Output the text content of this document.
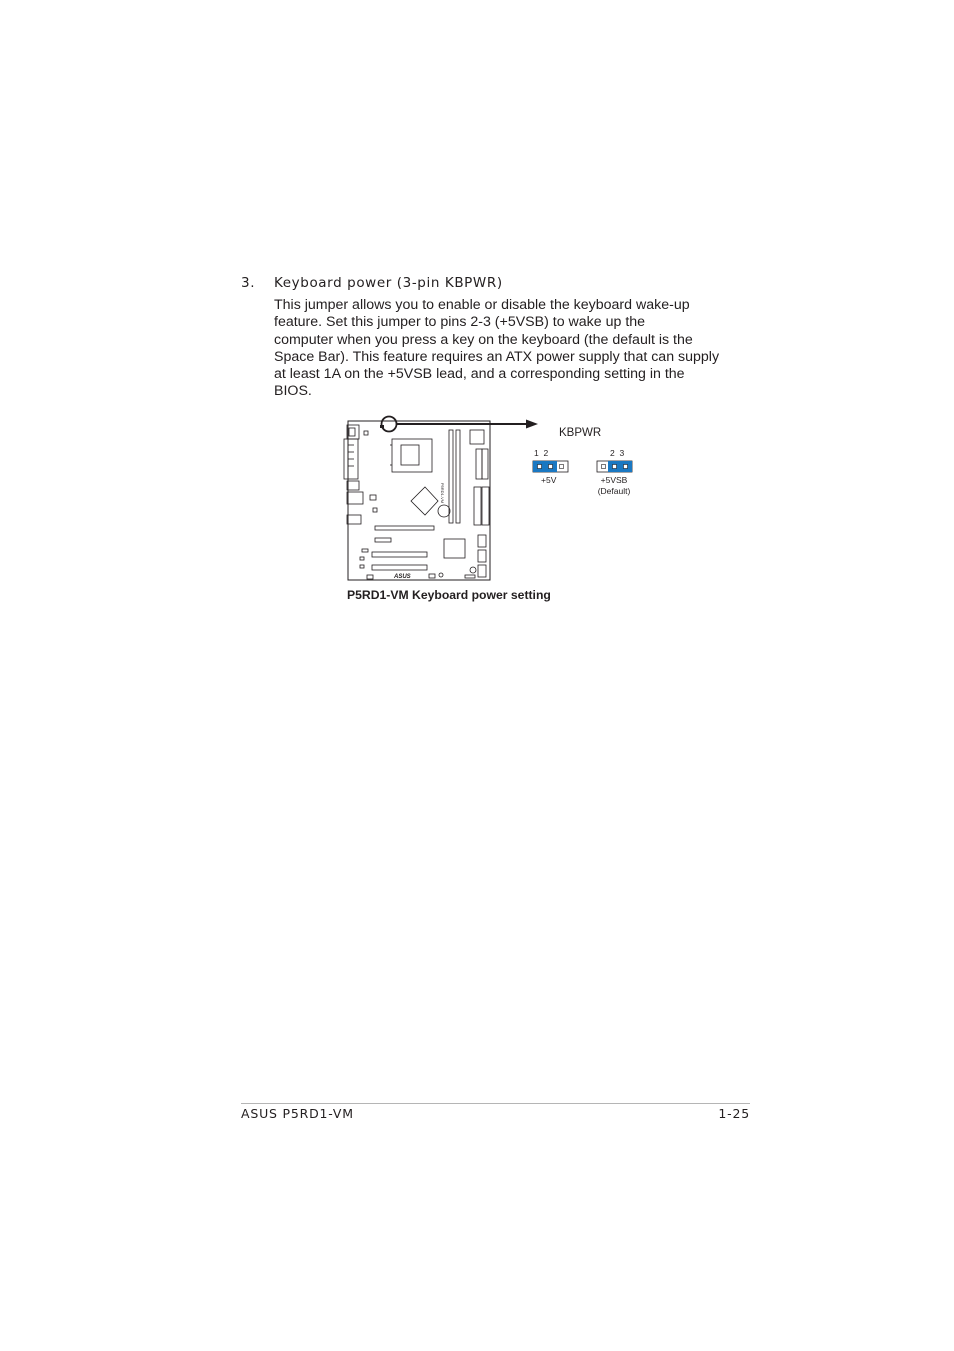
3. Keyboard power (3-pin KBPWR)

This jumper allows you to enable or disable the keyboard wake-up

feature. Set this jumper to pins 2-3 (+5VSB) to wake up the

computer when you press a key on the keyboard (the default is the

Space Bar). This feature requires an ATX power supply that can supply

at least 1A on the +5VSB lead, and a corresponding setting in the

BIOS.

P5RD1-VM
ASUS
KBPWR
1  2	2  3
+5V	+5VSB
(Default)
P5RD1-VM Keyboard power setting
ASUS P5RD1-VM	1-25
